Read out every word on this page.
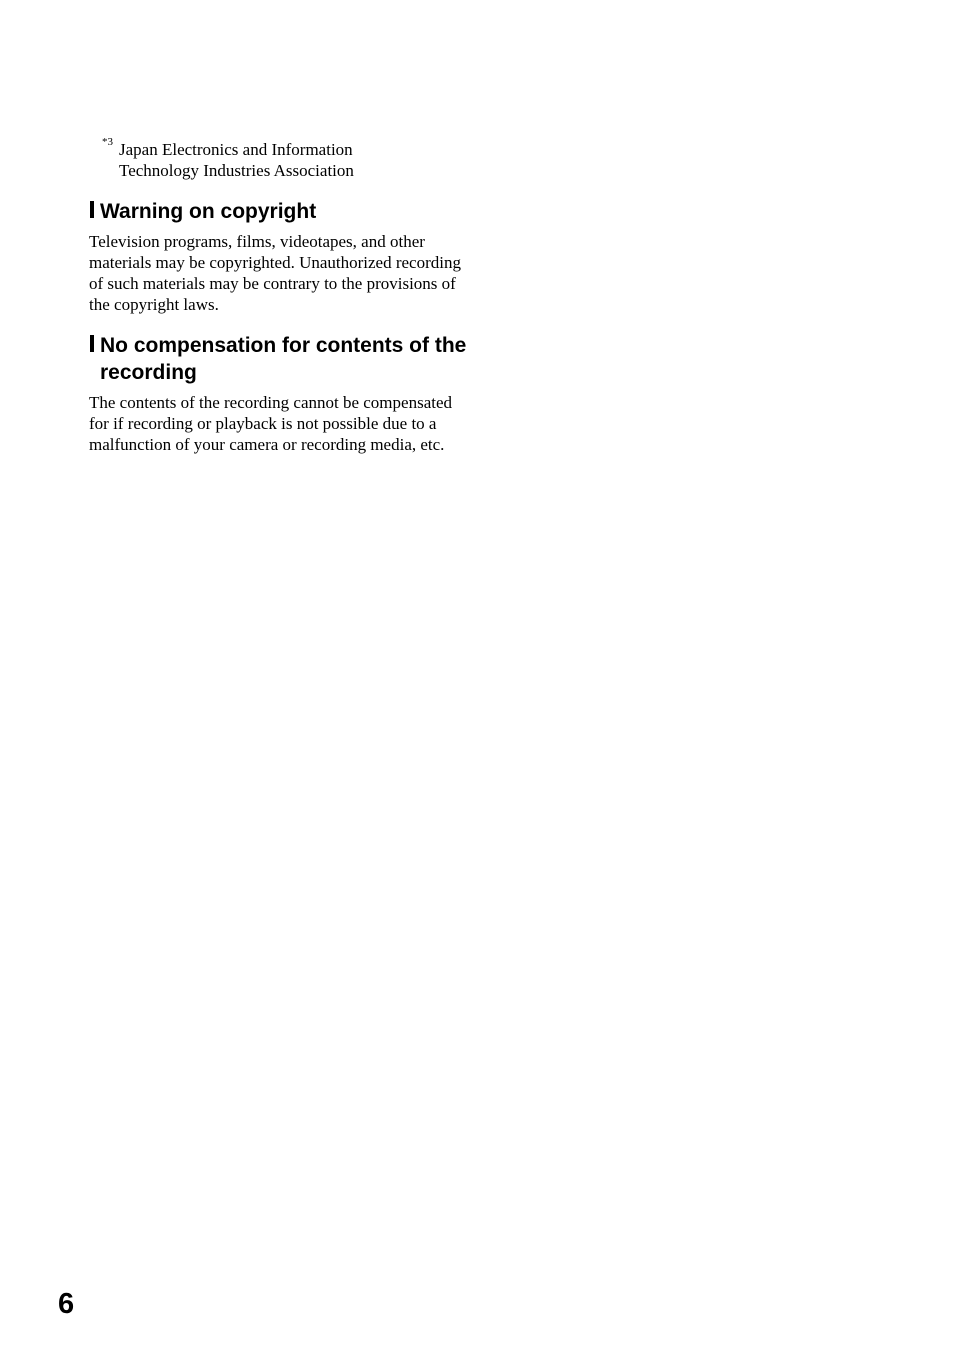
*3 Japan Electronics and Information Technology Industries Association
Warning on copyright

Television programs, films, videotapes, and other materials may be copyrighted. Unauthorized recording of such materials may be contrary to the provisions of the copyright laws.

No compensation for contents of the recording

The contents of the recording cannot be compensated for if recording or playback is not possible due to a malfunction of your camera or recording media, etc.

6
